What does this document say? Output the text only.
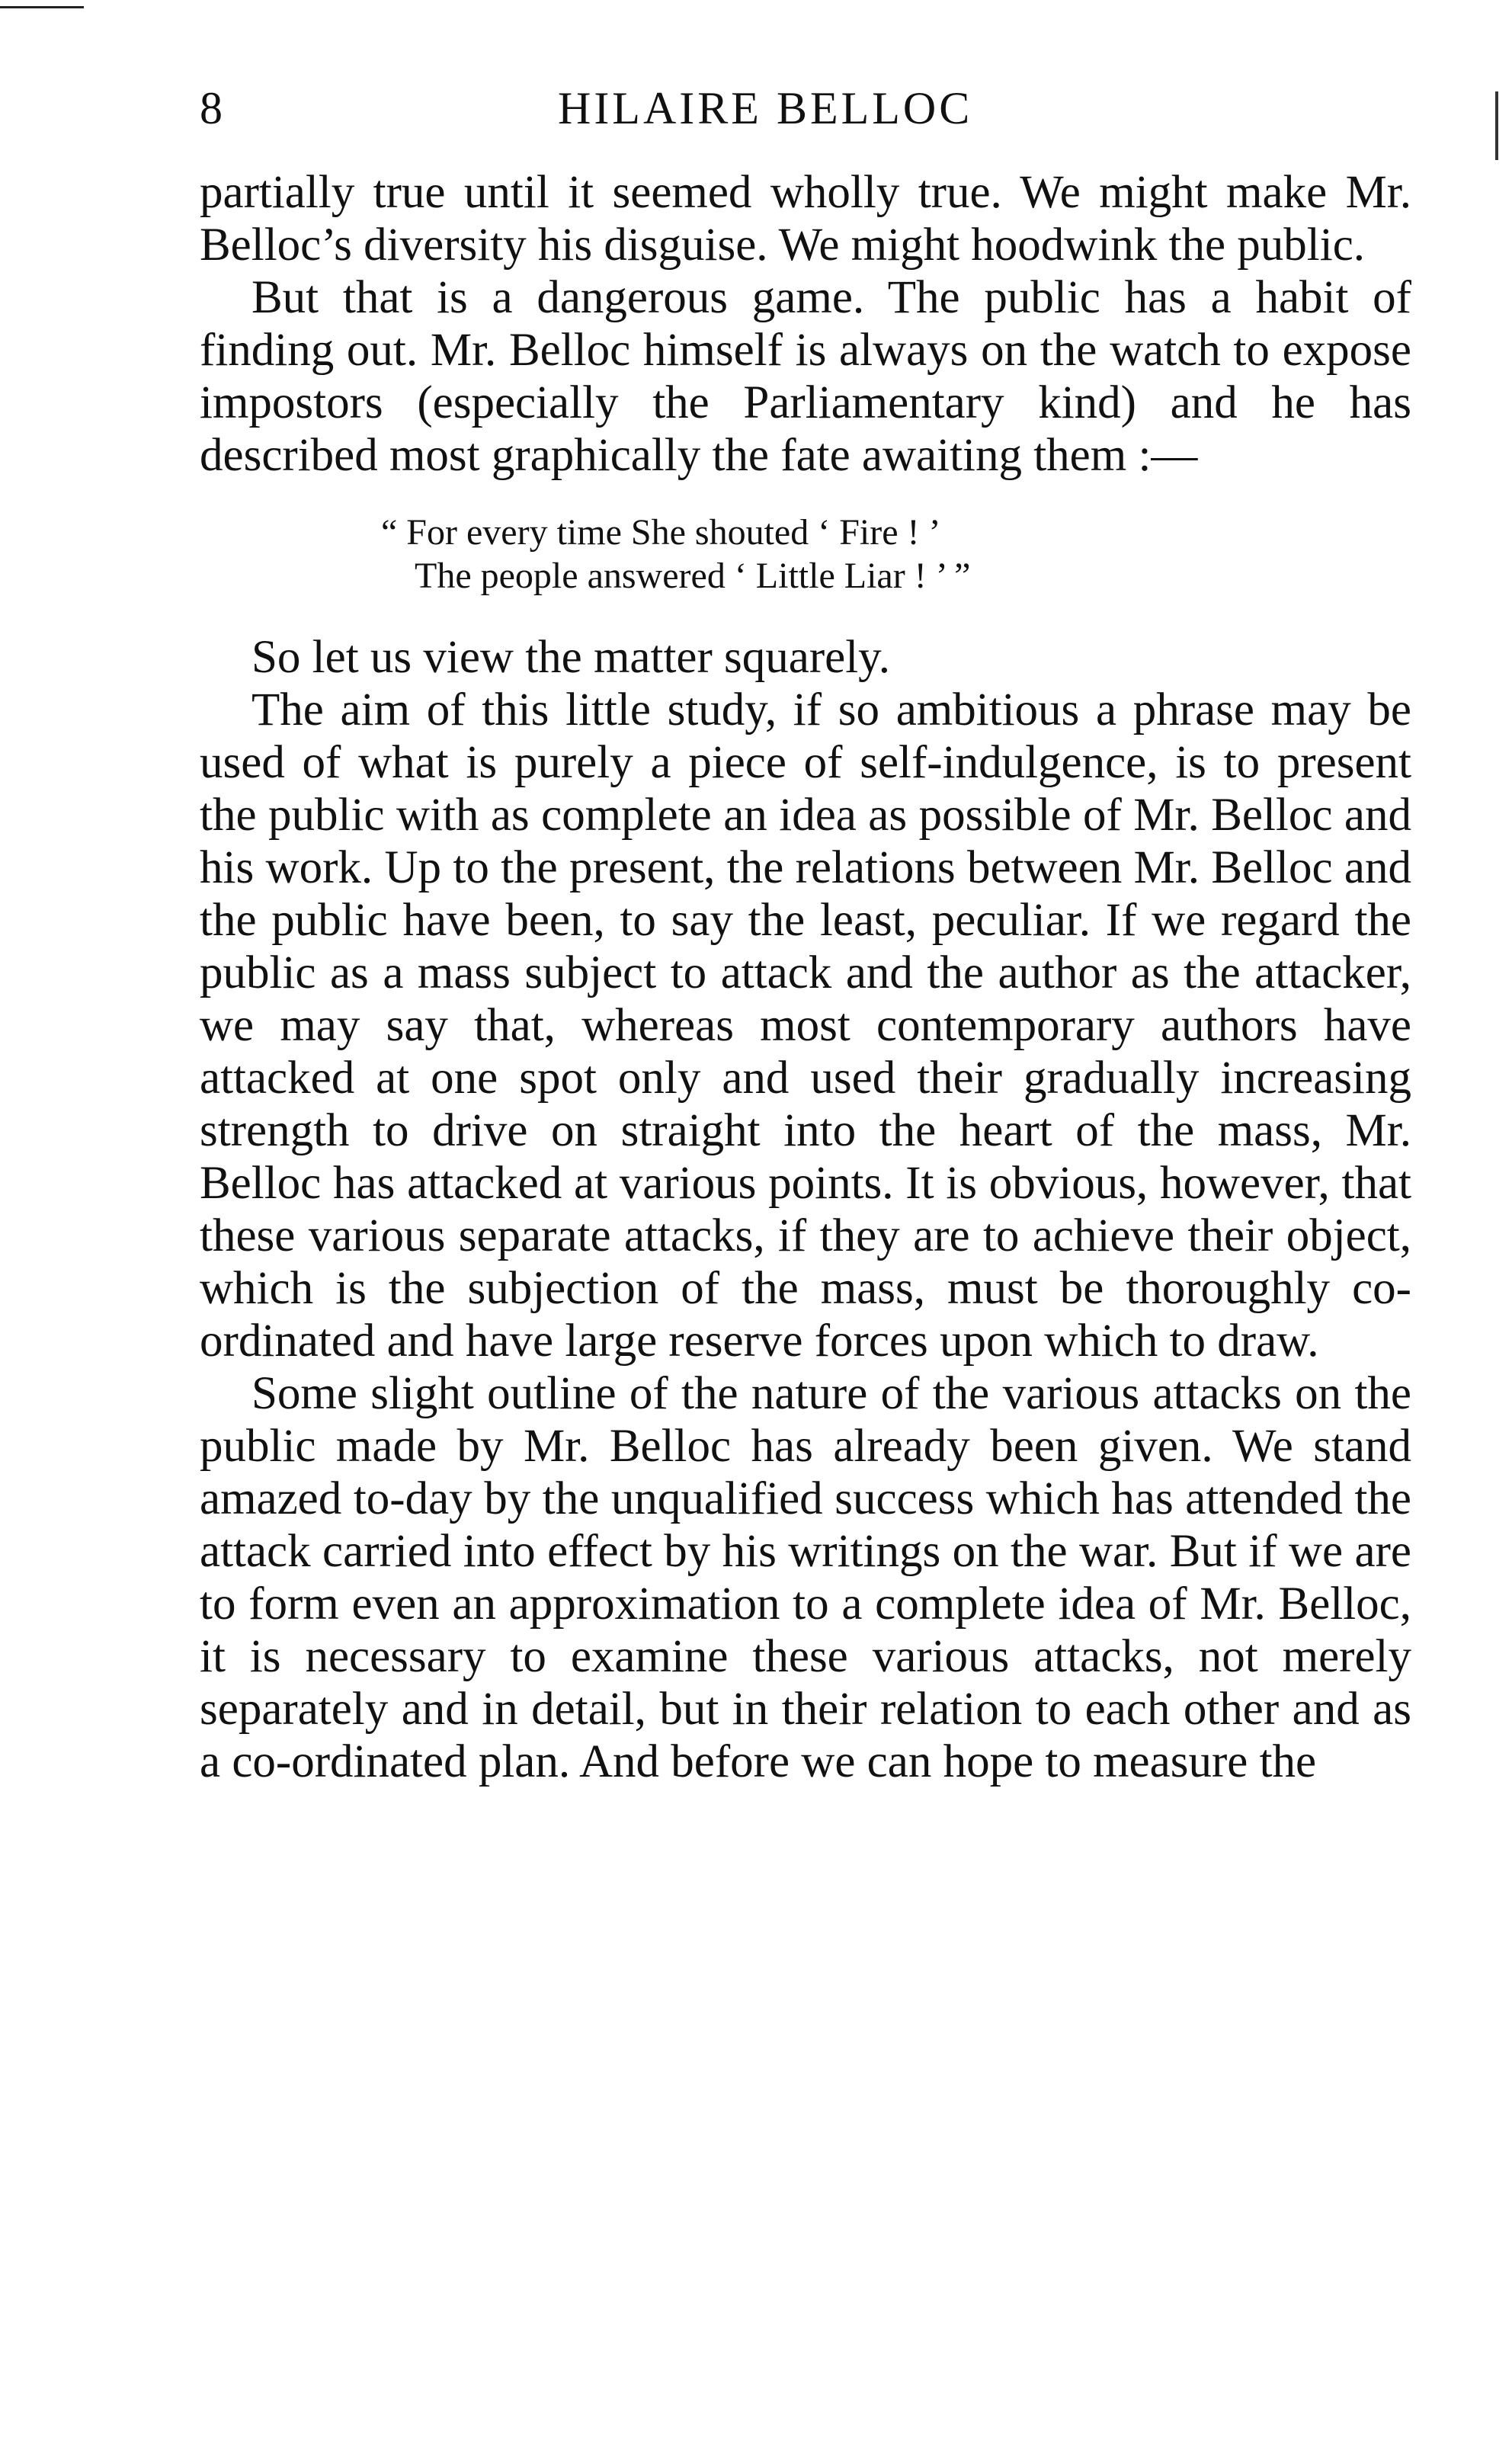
8	HILAIRE BELLOC

partially true until it seemed wholly true. We might make Mr. Belloc’s diversity his disguise. We might hoodwink the public.

But that is a dangerous game. The public has a habit of finding out. Mr. Belloc himself is always on the watch to expose impostors (especially the Parliamentary kind) and he has described most graphically the fate awaiting them :—

“ For every time She shouted ‘ Fire ! ’
The people answered ‘ Little Liar ! ’ ”

So let us view the matter squarely.

The aim of this little study, if so ambitious a phrase may be used of what is purely a piece of self-indulgence, is to present the public with as complete an idea as possible of Mr. Belloc and his work. Up to the present, the relations between Mr. Belloc and the public have been, to say the least, peculiar. If we regard the public as a mass subject to attack and the author as the attacker, we may say that, whereas most contemporary authors have attacked at one spot only and used their gradually increasing strength to drive on straight into the heart of the mass, Mr. Belloc has attacked at various points. It is obvious, however, that these various separate attacks, if they are to achieve their object, which is the subjection of the mass, must be thoroughly co-ordinated and have large reserve forces upon which to draw.

Some slight outline of the nature of the various attacks on the public made by Mr. Belloc has already been given. We stand amazed to-day by the unqualified success which has attended the attack carried into effect by his writings on the war. But if we are to form even an approximation to a complete idea of Mr. Belloc, it is necessary to examine these various attacks, not merely separately and in detail, but in their relation to each other and as a co-ordinated plan. And before we can hope to measure the
